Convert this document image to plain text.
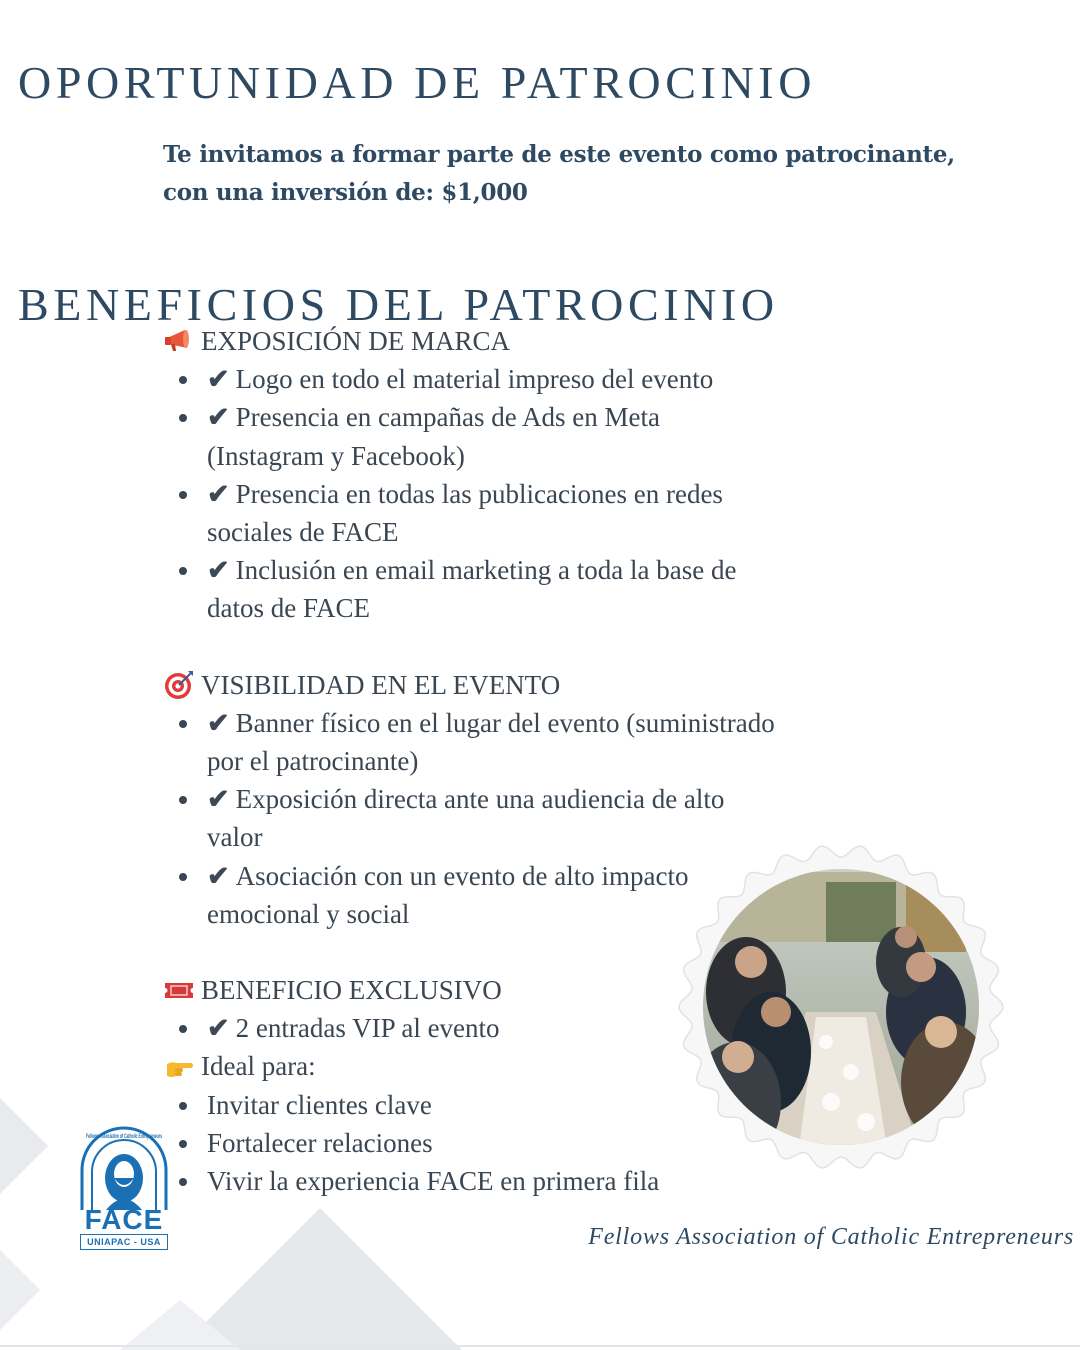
OPORTUNIDAD DE PATROCINIO
Te invitamos a formar parte de este evento como patrocinante,
con una inversión de: $1,000
BENEFICIOS DEL PATROCINIO
EXPOSICIÓN DE MARCA
✔ Logo en todo el material impreso del evento
✔ Presencia en campañas de Ads en Meta
(Instagram y Facebook)
✔ Presencia en todas las publicaciones en redes
sociales de FACE
✔ Inclusión en email marketing a toda la base de
datos de FACE
VISIBILIDAD EN EL EVENTO
✔ Banner físico en el lugar del evento (suministrado
por el patrocinante)
✔ Exposición directa ante una audiencia de alto
valor
✔ Asociación con un evento de alto impacto
emocional y social
BENEFICIO EXCLUSIVO
✔ 2 entradas VIP al evento
Ideal para:
Invitar clientes clave
Fortalecer relaciones
Vivir la experiencia FACE en primera fila
Fellows Association of Catholic Entrepreneurs
FACE
UNIAPAC - USA	Fellows Association of Catholic Entrepreneurs
